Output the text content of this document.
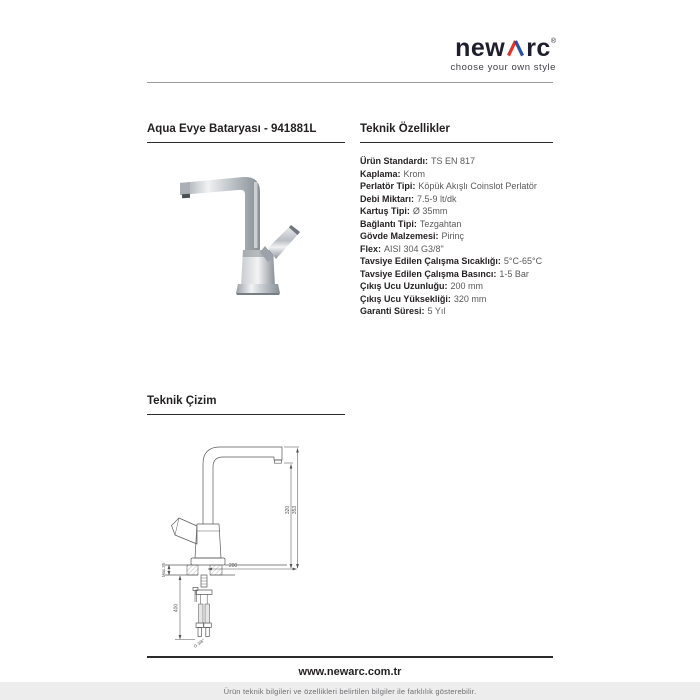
new rc ®
choose your own style
Aqua Evye Bataryası - 941881L	Teknik Özellikler
Teknik Çizim
Ürün Standardı: TS EN 817
Kaplama: Krom
Perlatör Tipi: Köpük Akışlı Coinslot Perlatör
Debi Miktarı: 7.5-9 lt/dk
Kartuş Tipi: Ø 35mm
Bağlantı Tipi: Tezgahtan
Gövde Malzemesi: Pirinç
Flex: AISI 304 G3/8"
Tavsiye Edilen Çalışma Sıcaklığı: 5°C-65°C
Tavsiye Edilen Çalışma Basıncı: 1-5 Bar
Çıkış Ucu Uzunluğu: 200 mm
Çıkış Ucu Yüksekliği: 320 mm
Garanti Süresi: 5 Yıl
320 353
200
Max.35
400
G 3/8"
www.newarc.com.tr
Ürün teknik bilgileri ve özellikleri belirtilen bilgiler ile farklılık gösterebilir.
